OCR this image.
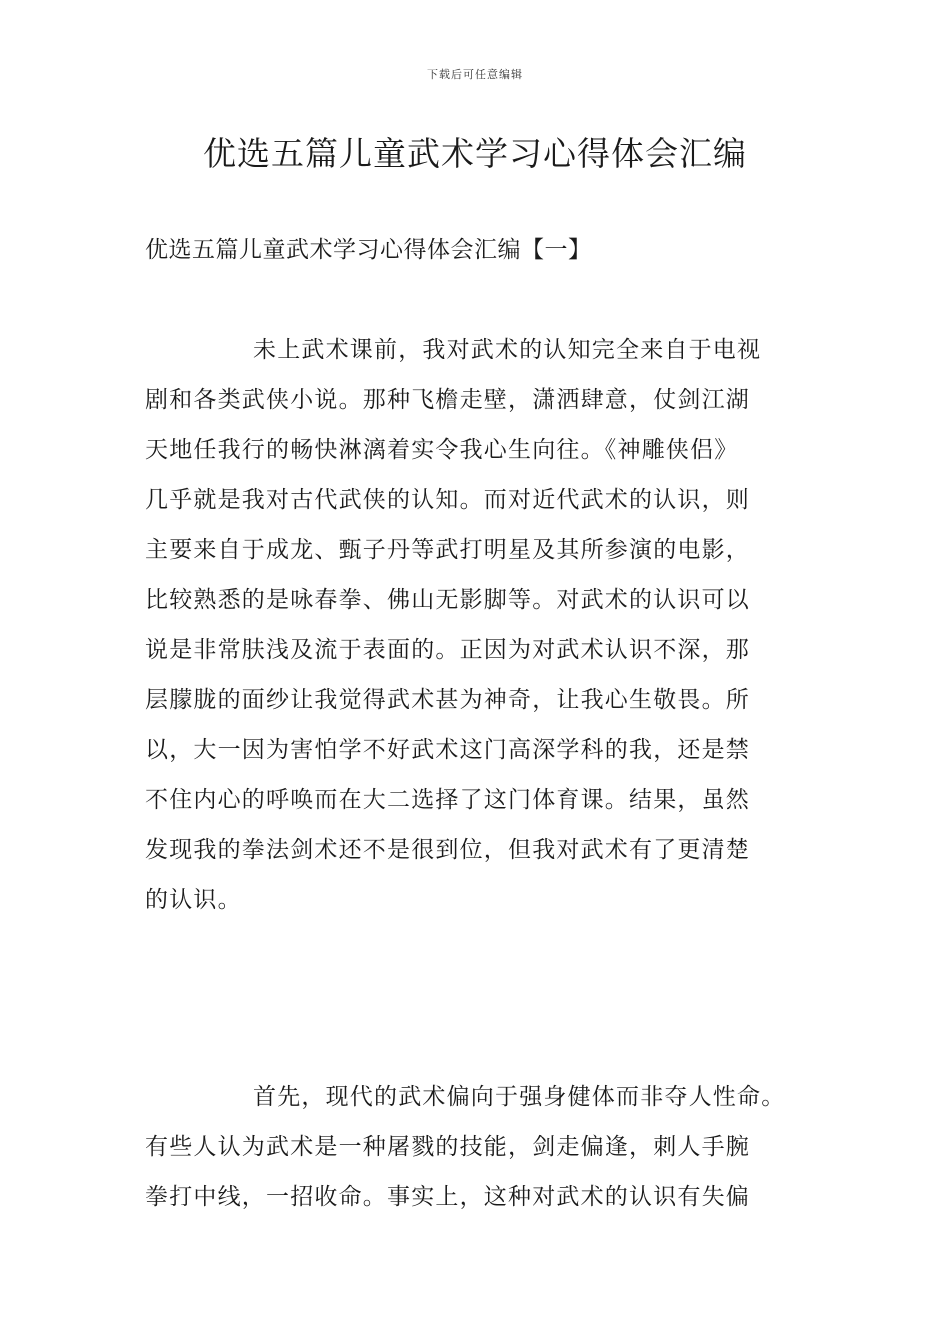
下载后可任意编辑
优选五篇儿童武术学习心得体会汇编
优选五篇儿童武术学习心得体会汇编【一】
未上武术课前，我对武术的认知完全来自于电视
剧和各类武侠小说。那种飞檐走壁，潇洒肆意，仗剑江湖
天地任我行的畅快淋漓着实令我心生向往。《神雕侠侣》
几乎就是我对古代武侠的认知。而对近代武术的认识，则
主要来自于成龙、甄子丹等武打明星及其所参演的电影，
比较熟悉的是咏春拳、佛山无影脚等。对武术的认识可以
说是非常肤浅及流于表面的。正因为对武术认识不深，那
层朦胧的面纱让我觉得武术甚为神奇，让我心生敬畏。所
以，大一因为害怕学不好武术这门高深学科的我，还是禁
不住内心的呼唤而在大二选择了这门体育课。结果，虽然
发现我的拳法剑术还不是很到位，但我对武术有了更清楚
的认识。
首先，现代的武术偏向于强身健体而非夺人性命。
有些人认为武术是一种屠戮的技能，剑走偏逢，刺人手腕
拳打中线，一招收命。事实上，这种对武术的认识有失偏
